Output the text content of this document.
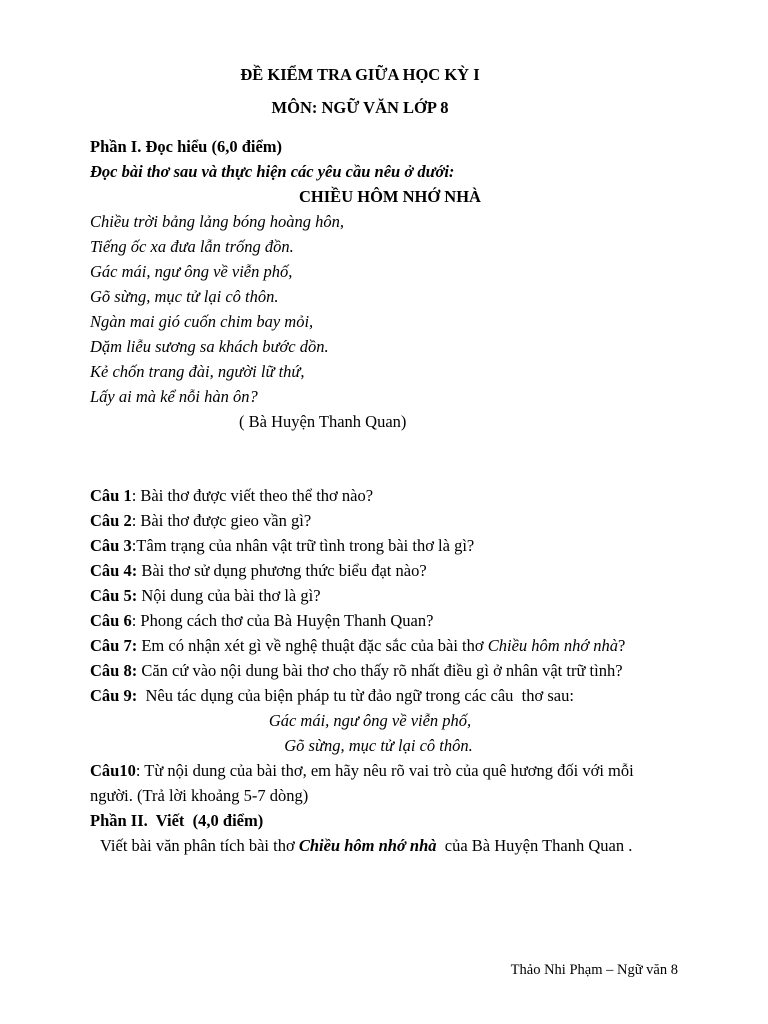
ĐỀ KIỂM TRA GIỮA HỌC KỲ I
MÔN: NGỮ VĂN LỚP 8
Phần I. Đọc hiểu (6,0 điểm)
Đọc bài thơ sau và thực hiện các yêu cầu nêu ở dưới:
CHIỀU HÔM NHỚ NHÀ
Chiều trời bảng lảng bóng hoàng hôn,
Tiếng ốc xa đưa lẫn trống đồn.
Gác mái, ngư ông về viễn phố,
Gõ sừng, mục tử lại cô thôn.
Ngàn mai gió cuốn chim bay mỏi,
Dặm liễu sương sa khách bước dồn.
Kẻ chốn trang đài, người lữ thứ,
Lấy ai mà kể nỗi hàn ôn?
( Bà Huyện Thanh Quan)
Câu 1: Bài thơ được viết theo thể thơ nào?
Câu 2: Bài thơ được gieo vần gì?
Câu 3:Tâm trạng của nhân vật trữ tình trong bài thơ là gì?
Câu 4: Bài thơ sử dụng phương thức biểu đạt nào?
Câu 5: Nội dung của bài thơ là gì?
Câu 6: Phong cách thơ của Bà Huyện Thanh Quan?
Câu 7: Em có nhận xét gì về nghệ thuật đặc sắc của bài thơ Chiều hôm nhớ nhà?
Câu 8: Căn cứ vào nội dung bài thơ cho thấy rõ nhất điều gì ở nhân vật trữ tình?
Câu 9:  Nêu tác dụng của biện pháp tu từ đảo ngữ trong các câu  thơ sau:
Gác mái, ngư ông về viễn phố,
Gõ sừng, mục tử lại cô thôn.
Câu10: Từ nội dung của bài thơ, em hãy nêu rõ vai trò của quê hương đối với mỗi
người. (Trả lời khoảng 5-7 dòng)
Phần II.  Viết  (4,0 điểm)
Viết bài văn phân tích bài thơ Chiều hôm nhớ nhà  của Bà Huyện Thanh Quan .
Thảo Nhi Phạm – Ngữ văn 8
